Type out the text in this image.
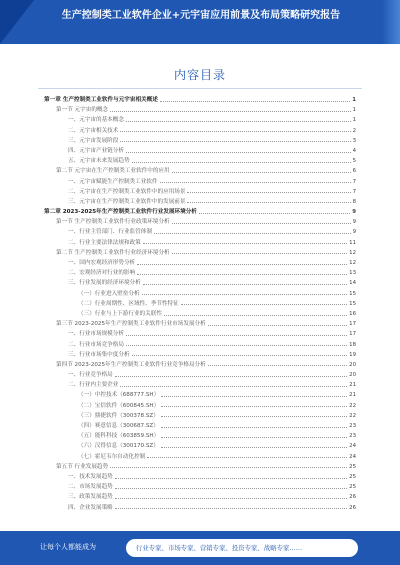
生产控制类工业软件企业+元宇宙应用前景及布局策略研究报告
内容目录
第一章 生产控制类工业软件与元宇宙相关概述	1
第一节 元宇宙的概念	1
一、元宇宙的基本概念	1
二、元宇宙相关技术	2
三、元宇宙发展阶段	3
四、元宇宙产业链分析	4
五、元宇宙未来发展趋势	5
第二节 元宇宙在生产控制类工业软件中的应用	6
一、元宇宙赋能生产控制类工业软件	7
二、元宇宙在生产控制类工业软件中的应用场景	7
三、元宇宙在生产控制类工业软件中的发展前景	8
第二章 2023-2025年生产控制类工业软件行业发展环境分析	9
第一节 生产控制类工业软件行业政策环境分析	9
一、行业主管部门、行业监管体制	9
二、行业主要法律法规和政策	11
第二节 生产控制类工业软件行业经济环境分析	12
一、国内宏观经济形势分析	12
二、宏观经济对行业的影响	13
三、行业发展的经济环境分析	14
（一）行业进入壁垒分析	15
（二）行业周期性、区域性、季节性特征	15
（三）行业与上下游行业的关联性	16
第三节 2023-2025年生产控制类工业软件行业市场发展分析	17
一、行业市场规模分析	17
二、行业市场竞争格局	18
三、行业市场集中度分析	19
第四节 2023-2025年生产控制类工业软件行业竞争格局分析	20
一、行业竞争格局	20
二、行业内主要企业	21
（一）中控技术（688777.SH）	21
（二）宝信软件（600845.SH）	22
（三）鼎捷软件（300378.SZ）	22
（四）赛意信息（300687.SZ）	23
（五）能科科技（603859.SH）	23
（六）汉得信息（300170.SZ）	24
（七）霍尼韦尔自动化控制	24
第五节 行业发展趋势	25
一、技术发展趋势	25
二、市场发展趋势	25
三、政策发展趋势	26
四、企业发展策略	26
让每个人都能成为	行业专家、市场专家、营销专家、投资专家、战略专家……
